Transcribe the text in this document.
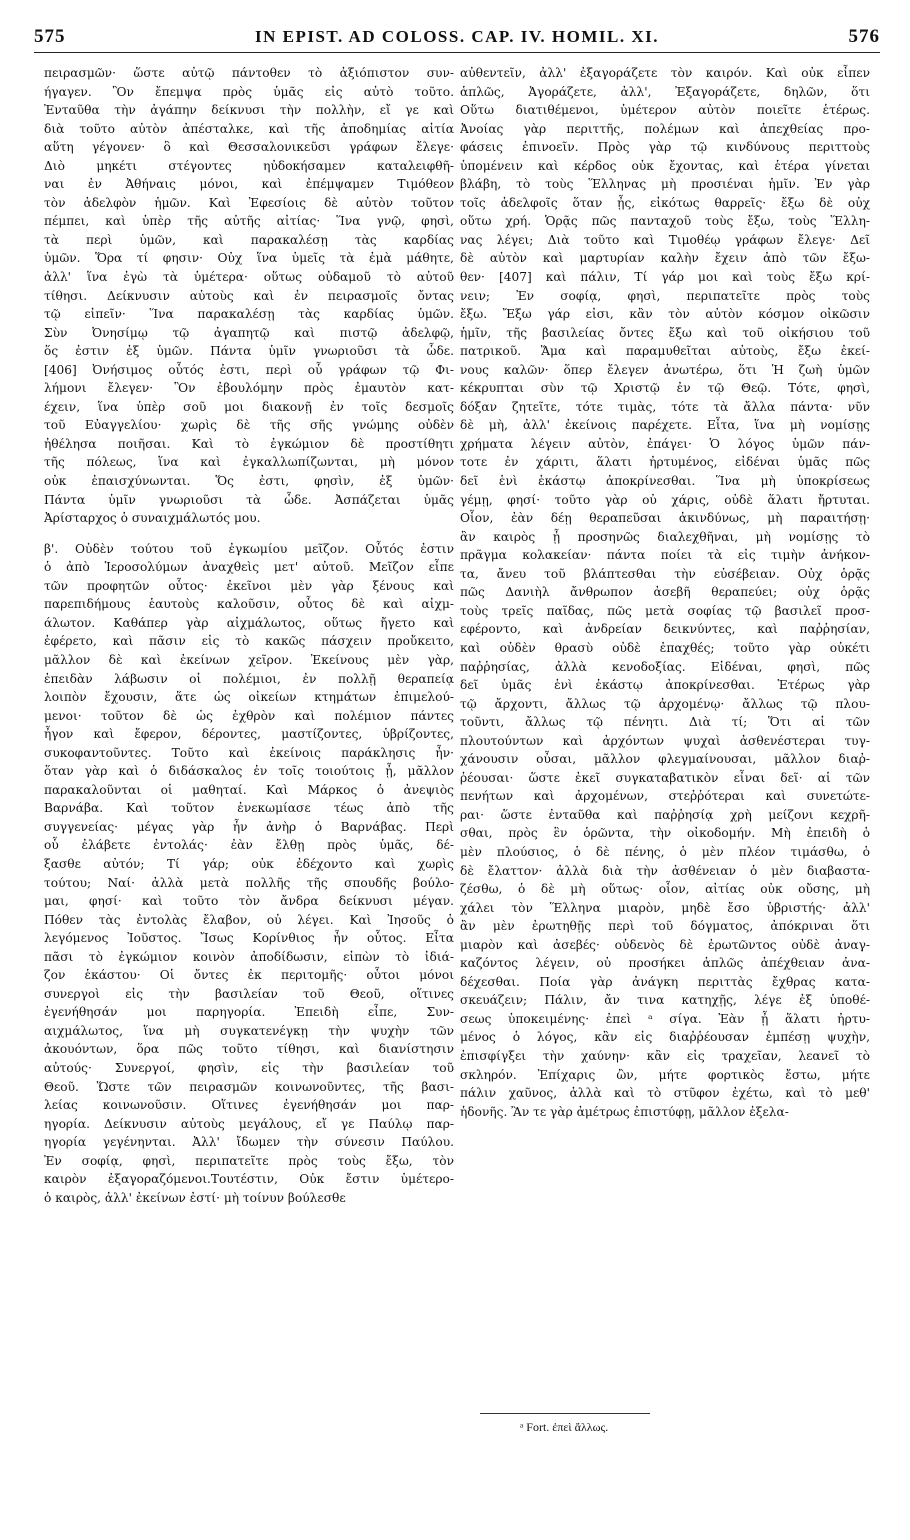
575	IN EPIST. AD COLOSS. CAP. IV. HOMIL. XI.	576
πειρασμῶν· ὥστε αὐτῷ πάντοθεν τὸ ἀξιόπιστον συν-
ήγαγεν. Ὃν ἔπεμψα πρὸς ὑμᾶς εἰς αὐτὸ τοῦτο.
Ἐνταῦθα τὴν ἀγάπην δείκνυσι τὴν πολλὴν, εἴ γε καὶ
διὰ τοῦτο αὐτὸν ἀπέσταλκε, καὶ τῆς ἀποδημίας αἰτία
αὕτη γέγονεν· ὃ καὶ Θεσσαλονικεῦσι γράφων ἔλεγε·
Διὸ μηκέτι στέγοντες ηὐδοκήσαμεν καταλειφθῆ-
ναι ἐν Ἀθήναις μόνοι, καὶ ἐπέμψαμεν Τιμόθεον
τὸν ἀδελφὸν ἡμῶν. Καὶ Ἐφεσίοις δὲ αὐτὸν τοῦτον
πέμπει, καὶ ὑπὲρ τῆς αὐτῆς αἰτίας· Ἵνα γνῷ, φησὶ,
τὰ περὶ ὑμῶν, καὶ παρακαλέσῃ τὰς καρδίας
ὑμῶν. Ὅρα τί φησιν· Οὐχ ἵνα ὑμεῖς τὰ ἐμὰ μάθητε,
ἀλλ' ἵνα ἐγὼ τὰ ὑμέτερα· οὕτως οὐδαμοῦ τὸ αὐτοῦ
τίθησι. Δείκνυσιν αὐτοὺς καὶ ἐν πειρασμοῖς ὄντας
τῷ εἰπεῖν· Ἵνα παρακαλέσῃ τὰς καρδίας ὑμῶν.
Σὺν Ὀνησίμῳ τῷ ἀγαπητῷ καὶ πιστῷ ἀδελφῷ,
ὅς ἐστιν ἐξ ὑμῶν. Πάντα ὑμῖν γνωριοῦσι τὰ ὧδε.
[406] Ὀνήσιμος οὗτός ἐστι, περὶ οὗ γράφων τῷ Φι-
λήμονι ἔλεγεν· Ὃν ἐβουλόμην πρὸς ἐμαυτὸν κατ-
έχειν, ἵνα ὑπὲρ σοῦ μοι διακονῇ ἐν τοῖς δεσμοῖς
τοῦ Εὐαγγελίου· χωρὶς δὲ τῆς σῆς γνώμης οὐδὲν
ἠθέλησα ποιῆσαι. Καὶ τὸ ἐγκώμιον δὲ προστίθητι
τῆς πόλεως, ἵνα καὶ ἐγκαλλωπίζωνται, μὴ μόνον
οὐκ ἐπαισχύνωνται. Ὅς ἐστι, φησὶν, ἐξ ὑμῶν·
Πάντα ὑμῖν γνωριοῦσι τὰ ὧδε. Ἀσπάζεται ὑμᾶς
Ἀρίσταρχος ὁ συναιχμάλωτός μου.
β'. Οὐδὲν τούτου τοῦ ἐγκωμίου μεῖζον. Οὗτός ἐστιν
ὁ ἀπὸ Ἱεροσολύμων ἀναχθεὶς μετ' αὐτοῦ. Μεῖζον εἶπε
τῶν προφητῶν οὗτος· ἐκεῖνοι μὲν γὰρ ξένους καὶ
παρεπιδήμους ἑαυτοὺς καλοῦσιν, οὗτος δὲ καὶ αἰχμ-
άλωτον. Καθάπερ γὰρ αἰχμάλωτος, οὕτως ἤγετο καὶ
ἐφέρετο, καὶ πᾶσιν εἰς τὸ κακῶς πάσχειν προὔκειτο,
μᾶλλον δὲ καὶ ἐκείνων χεῖρον. Ἐκείνους μὲν γὰρ,
ἐπειδὰν λάβωσιν οἱ πολέμιοι, ἐν πολλῇ θεραπείᾳ
λοιπὸν ἔχουσιν, ἅτε ὡς οἰκείων κτημάτων ἐπιμελού-
μενοι· τοῦτον δὲ ὡς ἐχθρὸν καὶ πολέμιον πάντες
ἦγον καὶ ἔφερον, δέροντες, μαστίζοντες, ὑβρίζοντες,
συκοφαντοῦντες. Τοῦτο καὶ ἐκείνοις παράκλησις ἦν·
ὅταν γὰρ καὶ ὁ διδάσκαλος ἐν τοῖς τοιούτοις ᾖ, μᾶλλον
παρακαλοῦνται οἱ μαθηταί. Καὶ Μάρκος ὁ ἀνεψιὸς
Βαρνάβα. Καὶ τοῦτον ἐνεκωμίασε τέως ἀπὸ τῆς
συγγενείας· μέγας γὰρ ἦν ἀνὴρ ὁ Βαρνάβας. Περὶ
οὗ ἐλάβετε ἐντολάς· ἐὰν ἔλθῃ πρὸς ὑμᾶς, δέ-
ξασθε αὐτόν; Τί γάρ; οὐκ ἐδέχοντο καὶ χωρὶς
τούτου; Ναί· ἀλλὰ μετὰ πολλῆς τῆς σπουδῆς βούλο-
μαι, φησί· καὶ τοῦτο τὸν ἄνδρα δείκνυσι μέγαν.
Πόθεν τὰς ἐντολὰς ἔλαβον, οὐ λέγει. Καὶ Ἰησοῦς ὁ
λεγόμενος Ἰοῦστος. Ἴσως Κορίνθιος ἦν οὗτος. Εἶτα
πᾶσι τὸ ἐγκώμιον κοινὸν ἀποδίδωσιν, εἰπὼν τὸ ἰδιά-
ζον ἑκάστου· Οἱ ὄντες ἐκ περιτομῆς· οὗτοι μόνοι
συνεργοὶ εἰς τὴν βασιλείαν τοῦ Θεοῦ, οἵτινες
ἐγενήθησάν μοι παρηγορία. Ἐπειδὴ εἶπε, Συν-
αιχμάλωτος, ἵνα μὴ συγκατενέγκῃ τὴν ψυχὴν τῶν
ἀκουόντων, ὅρα πῶς τοῦτο τίθησι, καὶ διανίστησιν
αὐτούς· Συνεργοί, φησὶν, εἰς τὴν βασιλείαν τοῦ
Θεοῦ. Ὥστε τῶν πειρασμῶν κοινωνοῦντες, τῆς βασι-
λείας κοινωνοῦσιν. Οἵτινες ἐγενήθησάν μοι παρ-
ηγορία. Δείκνυσιν αὐτοὺς μεγάλους, εἴ γε Παύλῳ παρ-
ηγορία γεγένηνται. Ἀλλ' ἴδωμεν τὴν σύνεσιν Παύλου.
Ἐν σοφίᾳ, φησὶ, περιπατεῖτε πρὸς τοὺς ἔξω, τὸν
καιρὸν ἐξαγοραζόμενοι.Τουτέστιν, Οὐκ ἔστιν ὑμέτερο-
ὁ καιρὸς, ἀλλ' ἐκείνων ἐστί· μὴ τοίνυν βούλεσθε
αὐθεντεῖν, ἀλλ' ἐξαγοράζετε τὸν καιρόν. Καὶ οὐκ εἶπεν
ἁπλῶς, Ἀγοράζετε, ἀλλ', Ἐξαγοράζετε, δηλῶν, ὅτι
Οὕτω διατιθέμενοι, ὑμέτερον αὐτὸν ποιεῖτε ἑτέρως.
Ἀνοίας γὰρ περιττῆς, πολέμων καὶ ἀπεχθείας προ-
φάσεις ἐπινοεῖν. Πρὸς γὰρ τῷ κινδύνους περιττοὺς
ὑπομένειν καὶ κέρδος οὐκ ἔχοντας, καὶ ἑτέρα γίνεται
βλάβη, τὸ τοὺς Ἕλληνας μὴ προσιέναι ἡμῖν. Ἐν γὰρ
τοῖς ἀδελφοῖς ὅταν ᾖς, εἰκότως θαρρεῖς· ἔξω δὲ οὐχ
οὕτω χρή. Ὁρᾷς πῶς πανταχοῦ τοὺς ἔξω, τοὺς Ἕλλη-
νας λέγει; Διὰ τοῦτο καὶ Τιμοθέῳ γράφων ἔλεγε· Δεῖ
δὲ αὐτὸν καὶ μαρτυρίαν καλὴν ἔχειν ἀπὸ τῶν ἔξω-
θεν· [407] καὶ πάλιν, Τί γάρ μοι καὶ τοὺς ἔξω κρί-
νειν; Ἐν σοφίᾳ, φησὶ, περιπατεῖτε πρὸς τοὺς
ἔξω. Ἔξω γάρ εἰσι, κἂν τὸν αὐτὸν κόσμον οἰκῶσιν
ἡμῖν, τῆς βασιλείας ὄντες ἔξω καὶ τοῦ οἰκήσιου τοῦ
πατρικοῦ. Ἅμα καὶ παραμυθεῖται αὐτοὺς, ἔξω ἐκεί-
νους καλῶν· ὅπερ ἔλεγεν ἀνωτέρω, ὅτι Ἡ ζωὴ ὑμῶν
κέκρυπται σὺν τῷ Χριστῷ ἐν τῷ Θεῷ. Τότε, φησὶ,
δόξαν ζητεῖτε, τότε τιμὰς, τότε τὰ ἄλλα πάντα· νῦν
δὲ μὴ, ἀλλ' ἐκείνοις παρέχετε. Εἶτα, ἵνα μὴ νομίσῃς
χρήματα λέγειν αὐτὸν, ἐπάγει· Ὁ λόγος ὑμῶν πάν-
τοτε ἐν χάριτι, ἅλατι ἠρτυμένος, εἰδέναι ὑμᾶς πῶς
δεῖ ἑνὶ ἑκάστῳ ἀποκρίνεσθαι. Ἵνα μὴ ὑποκρίσεως
γέμῃ, φησί· τοῦτο γὰρ οὐ χάρις, οὐδὲ ἅλατι ἤρτυται.
Οἷον, ἐὰν δέῃ θεραπεῦσαι ἀκινδύνως, μὴ παραιτήσῃ·
ἂν καιρὸς ᾖ προσηνῶς διαλεχθῆναι, μὴ νομίσῃς τὸ
πρᾶγμα κολακείαν· πάντα ποίει τὰ εἰς τιμὴν ἀνήκον-
τα, ἄνευ τοῦ βλάπτεσθαι τὴν εὐσέβειαν. Οὐχ ὁρᾷς
πῶς Δανιὴλ ἄνθρωπον ἀσεβῆ θεραπεύει; οὐχ ὁρᾷς
τοὺς τρεῖς παῖδας, πῶς μετὰ σοφίας τῷ βασιλεῖ προσ-
εφέροντο, καὶ ἀνδρείαν δεικνύντες, καὶ παῤῥησίαν,
καὶ οὐδὲν θρασὺ οὐδὲ ἐπαχθές; τοῦτο γὰρ οὐκέτι
παῤῥησίας, ἀλλὰ κενοδοξίας. Εἰδέναι, φησὶ, πῶς
δεῖ ὑμᾶς ἑνὶ ἑκάστῳ ἀποκρίνεσθαι. Ἑτέρως γὰρ
τῷ ἄρχοντι, ἄλλως τῷ ἀρχομένῳ· ἄλλως τῷ πλου-
τοῦντι, ἄλλως τῷ πένητι. Διὰ τί; Ὅτι αἱ τῶν
πλουτούντων καὶ ἀρχόντων ψυχαὶ ἀσθενέστεραι τυγ-
χάνουσιν οὖσαι, μᾶλλον φλεγμαίνουσαι, μᾶλλον διαῤ-
ῥέουσαι· ὥστε ἐκεῖ συγκαταβατικὸν εἶναι δεῖ· αἱ τῶν
πενήτων καὶ ἀρχομένων, στεῤῥότεραι καὶ συνετώτε-
ραι· ὥστε ἐνταῦθα καὶ παῤῥησίᾳ χρὴ μείζονι κεχρῆ-
σθαι, πρὸς ἓν ὁρῶντα, τὴν οἰκοδομήν. Μὴ ἐπειδὴ ὁ
μὲν πλούσιος, ὁ δὲ πένης, ὁ μὲν πλέον τιμάσθω, ὁ
δὲ ἔλαττον· ἀλλὰ διὰ τὴν ἀσθένειαν ὁ μὲν διαβαστα-
ζέσθω, ὁ δὲ μὴ οὕτως· οἷον, αἰτίας οὐκ οὔσης, μὴ
χάλει τὸν Ἕλληνα μιαρὸν, μηδὲ ἔσο ὑβριστής· ἀλλ'
ἂν μὲν ἐρωτηθῇς περὶ τοῦ δόγματος, ἀπόκριναι ὅτι
μιαρὸν καὶ ἀσεβές· οὐδενὸς δὲ ἐρωτῶντος οὐδὲ ἀναγ-
καζόντος λέγειν, οὐ προσήκει ἁπλῶς ἀπέχθειαν ἀνα-
δέχεσθαι. Ποία γὰρ ἀνάγκη περιττὰς ἔχθρας κατα-
σκευάζειν; Πάλιν, ἄν τινα κατηχῇς, λέγε ἐξ ὑποθέ-
σεως ὑποκειμένης· ἐπεὶ ᵃ σίγα. Ἐὰν ᾖ ἅλατι ἠρτυ-
μένος ὁ λόγος, κἂν εἰς διαῤῥέουσαν ἐμπέσῃ ψυχὴν,
ἐπισφίγξει τὴν χαύνην· κἂν εἰς τραχεῖαν, λεανεῖ τὸ
σκληρόν. Ἐπίχαρις ὢν, μήτε φορτικὸς ἔστω, μήτε
πάλιν χαῦνος, ἀλλὰ καὶ τὸ στῦφον ἐχέτω, καὶ τὸ μεθ'
ἡδονῆς. Ἂν τε γὰρ ἀμέτρως ἐπιστύφῃ, μᾶλλον ἐξελα-
ᵃ Fort. ἐπεὶ ἄλλως.
